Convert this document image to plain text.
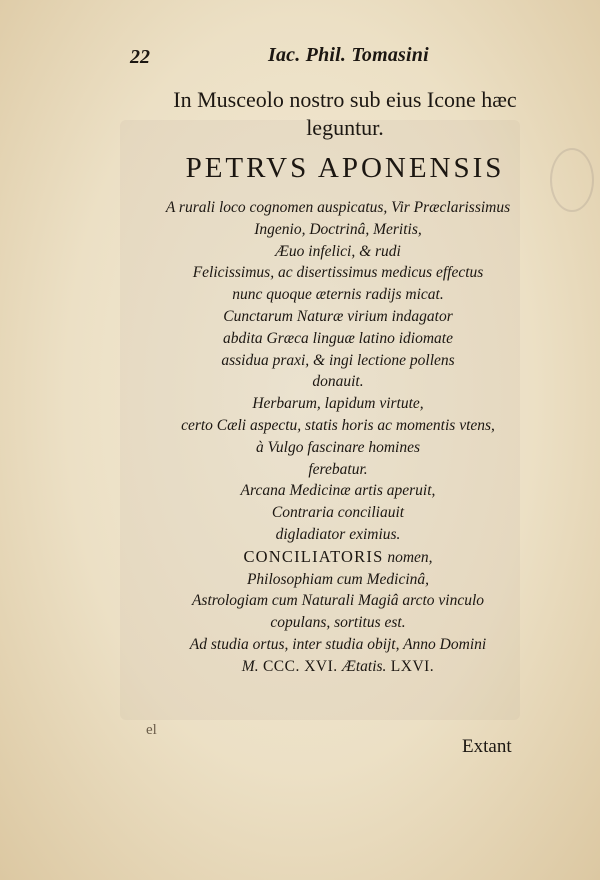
22	Iac. Phil. Tomasini
In Musceolo nostro sub eius Icone hæc
leguntur.
PETRVS APONENSIS
A rurali loco cognomen auspicatus, Vir Præclarissimus
Ingenio, Doctrinâ, Meritis,
Æuo infelici, & rudi
Felicissimus, ac disertissimus medicus effectus
nunc quoque æternis radijs micat.
Cunctarum Naturæ virium indagator
abdita Græca linguæ latino idiomate
assidua praxi, & ingi lectione pollens
donauit.
Herbarum, lapidum virtute,
certo Cæli aspectu, statis horis ac momentis vtens,
à Vulgo fascinare homines
ferebatur.
Arcana Medicinæ artis aperuit,
Contraria conciliauit
digladiator eximius.
CONCILIATORIS nomen,
Philosophiam cum Medicinâ,
Astrologiam cum Naturali Magiâ arcto vinculo
copulans, sortitus est.
Ad studia ortus, inter studia obijt, Anno Domini
M. CCC. XVI. Ætatis. LXVI.
el
Extant
